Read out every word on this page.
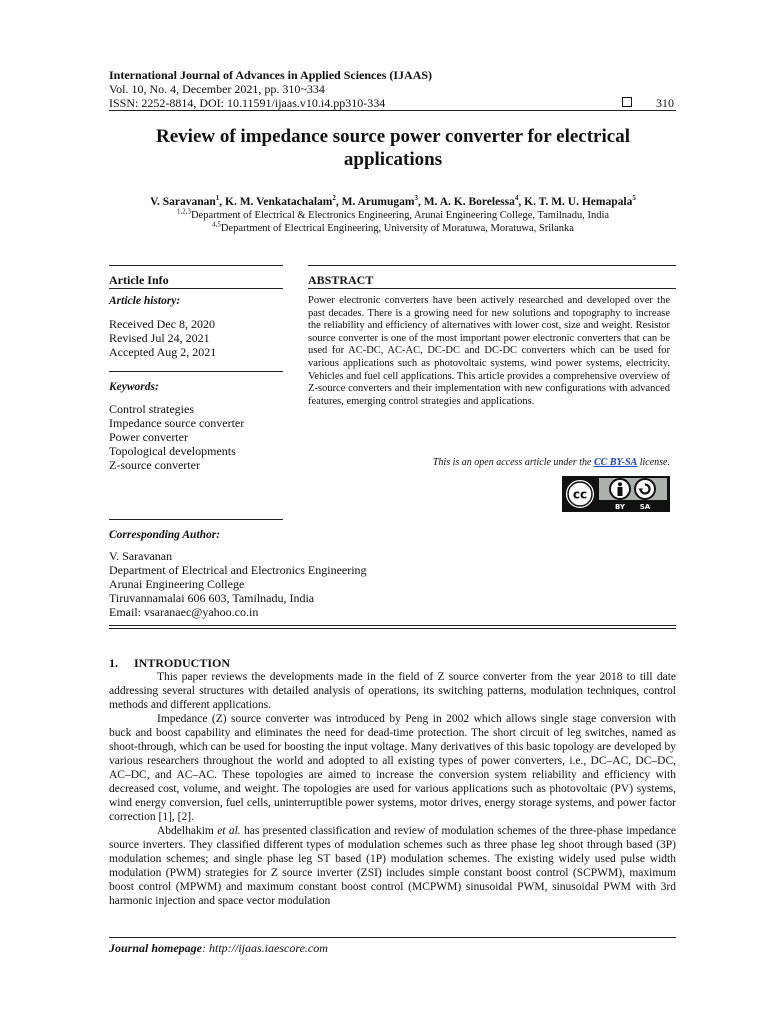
International Journal of Advances in Applied Sciences (IJAAS)
Vol. 10, No. 4, December 2021, pp. 310~334
ISSN: 2252-8814, DOI: 10.11591/ijaas.v10.i4.pp310-334	310
Review of impedance source power converter for electrical
applications
V. Saravanan$^1$, K. M. Venkatachalam$^2$, M. Arumugam$^3$, M. A. K. Borelessa$^4$, K. T. M. U. Hemapala$^5$
$^{1,2,3}$Department of Electrical & Electronics Engineering, Arunai Engineering College, Tamilnadu, India
$^{4,5}$Department of Electrical Engineering, University of Moratuwa, Moratuwa, Srilanka
Article Info
Article history:
Received Dec 8, 2020
Revised Jul 24, 2021
Accepted Aug 2, 2021
Keywords:
Control strategies
Impedance source converter
Power converter
Topological developments
Z-source converter
ABSTRACT
Power electronic converters have been actively researched and developed over the past decades. There is a growing need for new solutions and topography to increase the reliability and efficiency of alternatives with lower cost, size and weight. Resistor source converter is one of the most important power electronic converters that can be used for AC-DC, AC-AC, DC-DC and DC-DC converters which can be used for various applications such as photovoltaic systems, wind power systems, electricity. Vehicles and fuel cell applications. This article provides a comprehensive overview of Z-source converters and their implementation with new configurations with advanced features, emerging control strategies and applications.
This is an open access article under the CC BY-SA license.
cc
BY SA
Corresponding Author:
V. Saravanan
Department of Electrical and Electronics Engineering
Arunai Engineering College
Tiruvannamalai 606 603, Tamilnadu, India
Email: vsaranaec@yahoo.co.in
1. INTRODUCTION

This paper reviews the developments made in the field of Z source converter from the year 2018 to till date addressing several structures with detailed analysis of operations, its switching patterns, modulation techniques, control methods and different applications.

Impedance (Z) source converter was introduced by Peng in 2002 which allows single stage conversion with buck and boost capability and eliminates the need for dead-time protection. The short circuit of leg switches, named as shoot-through, which can be used for boosting the input voltage. Many derivatives of this basic topology are developed by various researchers throughout the world and adopted to all existing types of power converters, i.e., DC–AC, DC–DC, AC–DC, and AC–AC. These topologies are aimed to increase the conversion system reliability and efficiency with decreased cost, volume, and weight. The topologies are used for various applications such as photovoltaic (PV) systems, wind energy conversion, fuel cells, uninterruptible power systems, motor drives, energy storage systems, and power factor correction [1], [2].

Abdelhakim et al. has presented classification and review of modulation schemes of the three-phase impedance source inverters. They classified different types of modulation schemes such as three phase leg shoot through based (3P) modulation schemes; and single phase leg ST based (1P) modulation schemes. The existing widely used pulse width modulation (PWM) strategies for Z source inverter (ZSI) includes simple constant boost control (SCPWM), maximum boost control (MPWM) and maximum constant boost control (MCPWM) sinusoidal PWM, sinusoidal PWM with 3rd harmonic injection and space vector modulation

Journal homepage: http://ijaas.iaescore.com
